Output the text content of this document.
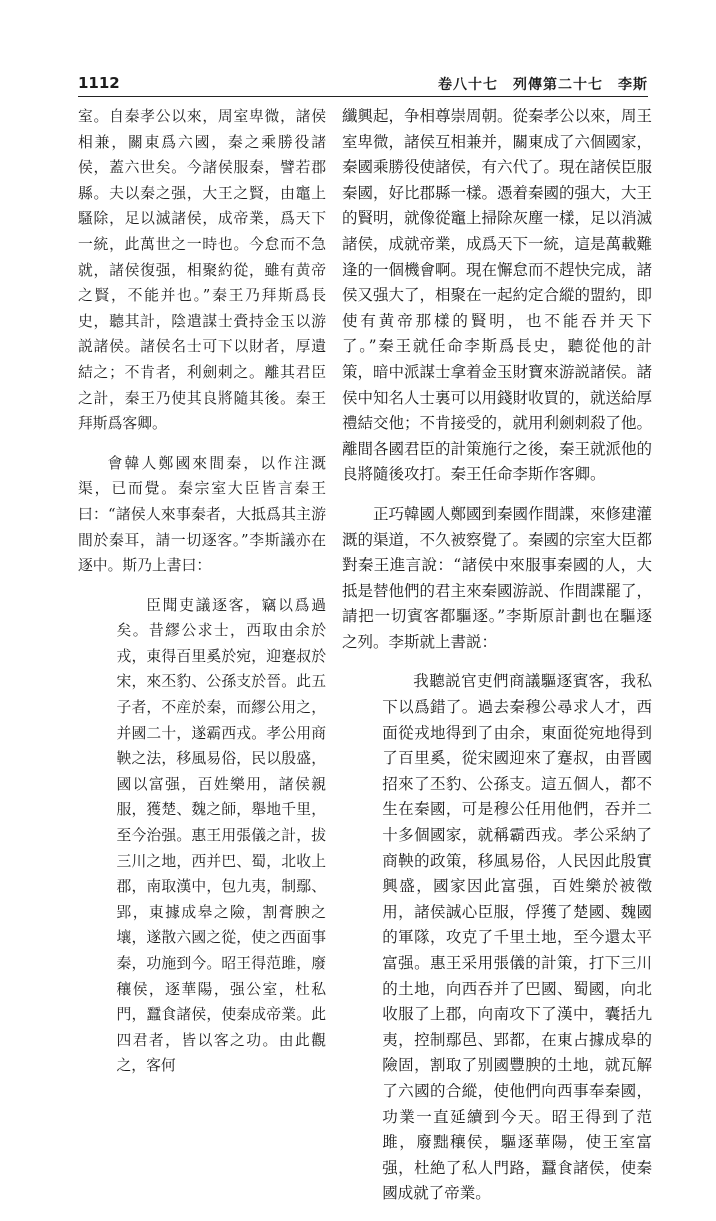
1112	卷八十七　列傳第二十七　李斯

室。自秦孝公以來，周室卑微，諸侯相兼，關東爲六國，秦之乘勝役諸侯，蓋六世矣。今諸侯服秦，譬若郡縣。夫以秦之强，大王之賢，由竈上騷除，足以滅諸侯，成帝業，爲天下一統，此萬世之一時也。今怠而不急就，諸侯復强，相聚約從，雖有黄帝之賢，不能并也。”秦王乃拜斯爲長史，聽其計，陰遣謀士賫持金玉以游説諸侯。諸侯名士可下以財者，厚遺結之；不肯者，利劍刺之。離其君臣之計，秦王乃使其良將隨其後。秦王拜斯爲客卿。

會韓人鄭國來間秦，以作注溉渠，已而覺。秦宗室大臣皆言秦王曰：“諸侯人來事秦者，大抵爲其主游間於秦耳，請一切逐客。”李斯議亦在逐中。斯乃上書曰：

臣聞吏議逐客，竊以爲過矣。昔繆公求士，西取由余於戎，東得百里奚於宛，迎蹇叔於宋，來丕豹、公孫支於晉。此五子者，不産於秦，而繆公用之，并國二十，遂霸西戎。孝公用商鞅之法，移風易俗，民以殷盛，國以富强，百姓樂用，諸侯親服，獲楚、魏之師，舉地千里，至今治强。惠王用張儀之計，拔三川之地，西并巴、蜀，北收上郡，南取漢中，包九夷，制鄢、郢，東據成皋之險，割膏腴之壤，遂散六國之從，使之西面事秦，功施到今。昭王得范雎，廢穰侯，逐華陽，强公室，杜私門，蠶食諸侯，使秦成帝業。此四君者，皆以客之功。由此觀之，客何

纖興起，争相尊崇周朝。從秦孝公以來，周王室卑微，諸侯互相兼并，關東成了六個國家，秦國乘勝役使諸侯，有六代了。現在諸侯臣服秦國，好比郡縣一樣。憑着秦國的强大，大王的賢明，就像從竈上掃除灰塵一樣，足以消滅諸侯，成就帝業，成爲天下一統，這是萬載難逢的一個機會啊。現在懈怠而不趕快完成，諸侯又强大了，相聚在一起約定合縱的盟約，即使有黄帝那樣的賢明，也不能吞并天下了。”秦王就任命李斯爲長史，聽從他的計策，暗中派謀士拿着金玉財寶來游説諸侯。諸侯中知名人士裏可以用錢財收買的，就送給厚禮結交他；不肯接受的，就用利劍刺殺了他。離間各國君臣的計策施行之後，秦王就派他的良將隨後攻打。秦王任命李斯作客卿。

正巧韓國人鄭國到秦國作間諜，來修建灌溉的渠道，不久被察覺了。秦國的宗室大臣都對秦王進言說：“諸侯中來服事秦國的人，大抵是替他們的君主來秦國游説、作間諜罷了，請把一切賓客都驅逐。”李斯原計劃也在驅逐之列。李斯就上書説：

我聽説官吏們商議驅逐賓客，我私下以爲錯了。過去秦穆公尋求人才，西面從戎地得到了由余，東面從宛地得到了百里奚，從宋國迎來了蹇叔，由晋國招來了丕豹、公孫支。這五個人，都不生在秦國，可是穆公任用他們，吞并二十多個國家，就稱霸西戎。孝公采納了商鞅的政策，移風易俗，人民因此殷實興盛，國家因此富强，百姓樂於被徵用，諸侯誠心臣服，俘獲了楚國、魏國的軍隊，攻克了千里土地，至今還太平富强。惠王采用張儀的計策，打下三川的土地，向西吞并了巴國、蜀國，向北收服了上郡，向南攻下了漢中，囊括九夷，控制鄢邑、郢都，在東占據成皋的險固，割取了别國豐腴的土地，就瓦解了六國的合縱，使他們向西事奉秦國，功業一直延續到今天。昭王得到了范雎，廢黜穰侯，驅逐華陽，使王室富强，杜絶了私人門路，蠶食諸侯，使秦國成就了帝業。
